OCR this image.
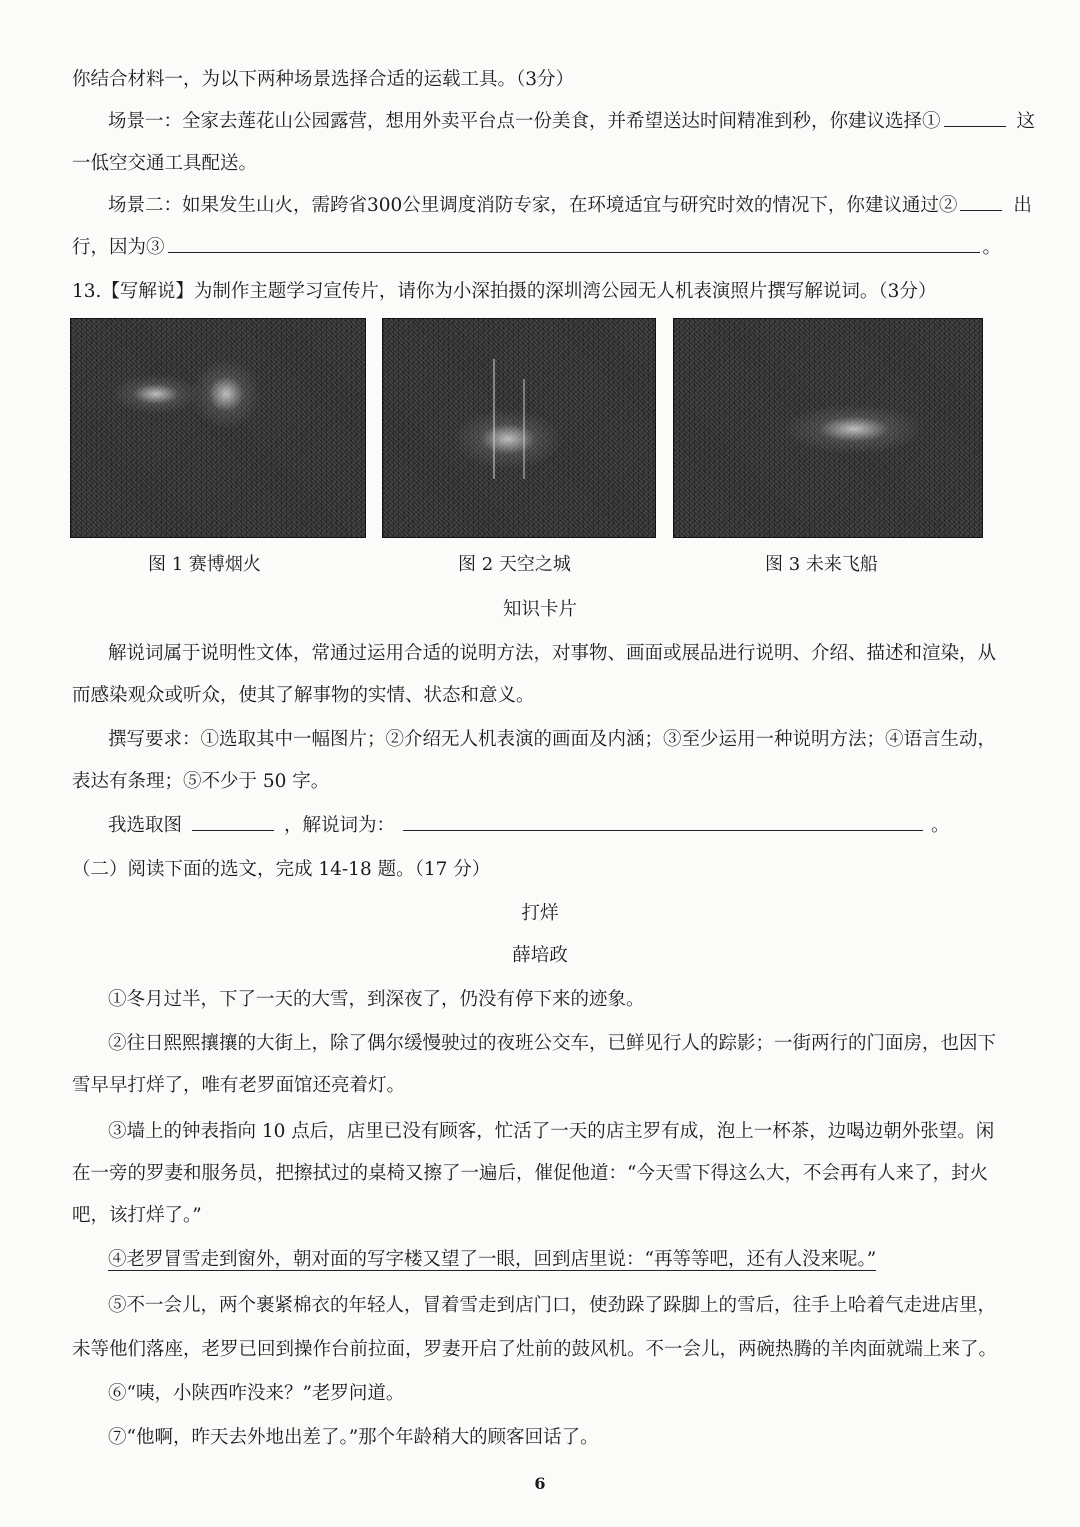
你结合材料一，为以下两种场景选择合适的运载工具。（3分）
场景一：全家去莲花山公园露营，想用外卖平台点一份美食，并希望送达时间精准到秒，你建议选择①	这
一低空交通工具配送。
场景二：如果发生山火，需跨省300公里调度消防专家，在环境适宜与研究时效的情况下，你建议通过②	出
行，因为③	。
13.【写解说】为制作主题学习宣传片，请你为小深拍摄的深圳湾公园无人机表演照片撰写解说词。（3分）
图 1 赛博烟火	图 2 天空之城	图 3 未来飞船
知识卡片
解说词属于说明性文体，常通过运用合适的说明方法，对事物、画面或展品进行说明、介绍、描述和渲染，从
而感染观众或听众，使其了解事物的实情、状态和意义。
撰写要求：①选取其中一幅图片；②介绍无人机表演的画面及内涵；③至少运用一种说明方法；④语言生动，
表达有条理；⑤不少于 50 字。
我选取图	，解说词为：	。
（二）阅读下面的选文，完成 14-18 题。（17 分）
打烊
薛培政
①冬月过半，下了一天的大雪，到深夜了，仍没有停下来的迹象。
②往日熙熙攘攘的大街上，除了偶尔缓慢驶过的夜班公交车，已鲜见行人的踪影；一街两行的门面房，也因下
雪早早打烊了，唯有老罗面馆还亮着灯。
③墙上的钟表指向 10 点后，店里已没有顾客，忙活了一天的店主罗有成，泡上一杯茶，边喝边朝外张望。闲
在一旁的罗妻和服务员，把擦拭过的桌椅又擦了一遍后，催促他道：“今天雪下得这么大，不会再有人来了，封火
吧，该打烊了。”
④老罗冒雪走到窗外，朝对面的写字楼又望了一眼，回到店里说：“再等等吧，还有人没来呢。”
⑤不一会儿，两个裹紧棉衣的年轻人，冒着雪走到店门口，使劲跺了跺脚上的雪后，往手上哈着气走进店里，
未等他们落座，老罗已回到操作台前拉面，罗妻开启了灶前的鼓风机。不一会儿，两碗热腾的羊肉面就端上来了。
⑥“咦，小陕西咋没来？”老罗问道。
⑦“他啊，昨天去外地出差了。”那个年龄稍大的顾客回话了。
6
